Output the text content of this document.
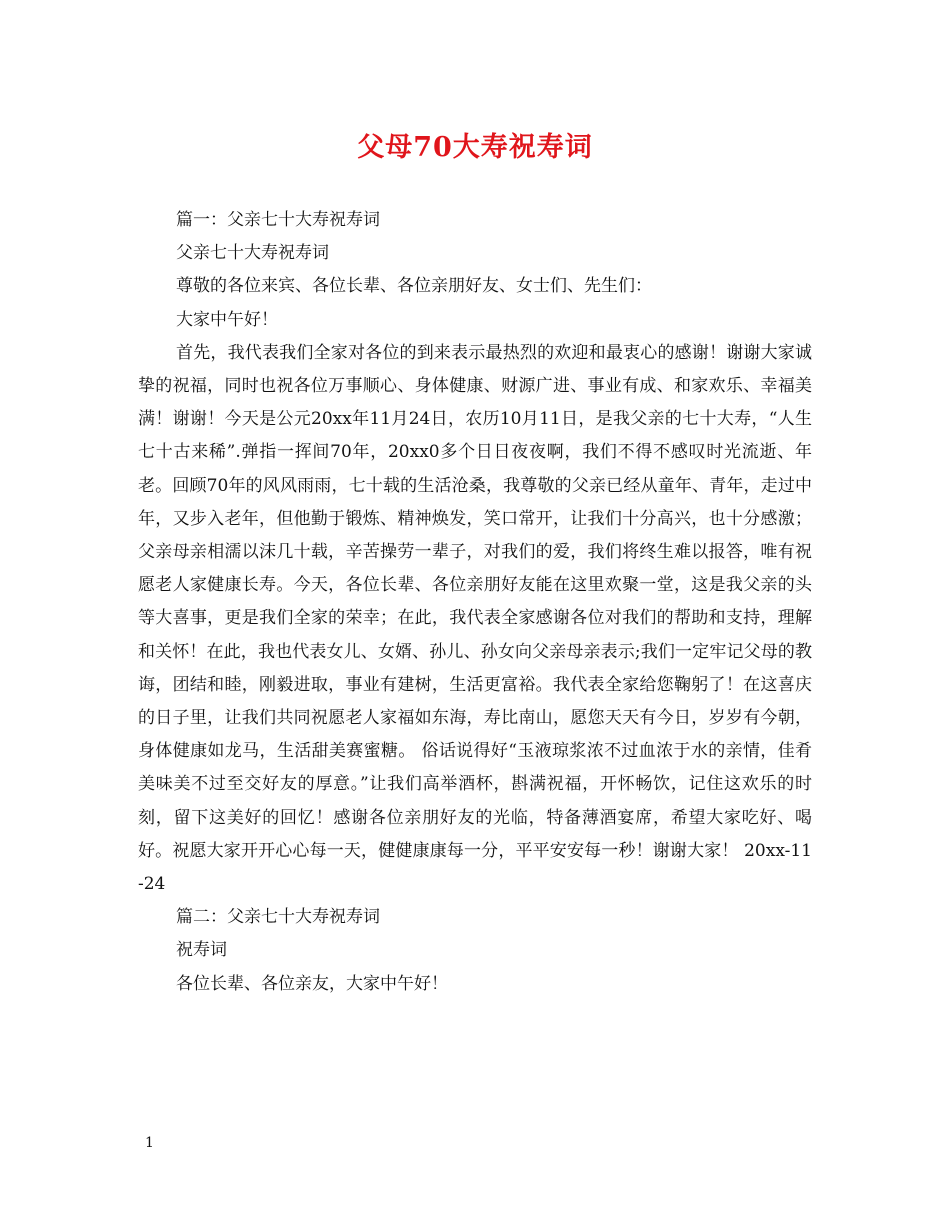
父母70大寿祝寿词

篇一：父亲七十大寿祝寿词

父亲七十大寿祝寿词

尊敬的各位来宾、各位长辈、各位亲朋好友、女士们、先生们：

大家中午好！

首先，我代表我们全家对各位的到来表示最热烈的欢迎和最衷心的感谢！谢谢大家诚挚的祝福，同时也祝各位万事顺心、身体健康、财源广进、事业有成、和家欢乐、幸福美满！谢谢！今天是公元20xx年11月24日，农历10月11日，是我父亲的七十大寿，“人生七十古来稀”.弹指一挥间70年，20xx0多个日日夜夜啊，我们不得不感叹时光流逝、年老。回顾70年的风风雨雨，七十载的生活沧桑，我尊敬的父亲已经从童年、青年，走过中年，又步入老年，但他勤于锻炼、精神焕发，笑口常开，让我们十分高兴，也十分感激；父亲母亲相濡以沫几十载，辛苦操劳一辈子，对我们的爱，我们将终生难以报答，唯有祝愿老人家健康长寿。今天，各位长辈、各位亲朋好友能在这里欢聚一堂，这是我父亲的头等大喜事，更是我们全家的荣幸；在此，我代表全家感谢各位对我们的帮助和支持，理解和关怀！在此，我也代表女儿、女婿、孙儿、孙女向父亲母亲表示;我们一定牢记父母的教诲，团结和睦，刚毅进取，事业有建树，生活更富裕。我代表全家给您鞠躬了！在这喜庆的日子里，让我们共同祝愿老人家福如东海，寿比南山，愿您天天有今日，岁岁有今朝，身体健康如龙马，生活甜美赛蜜糖。 俗话说得好“玉液琼浆浓不过血浓于水的亲情，佳肴美味美不过至交好友的厚意。”让我们高举酒杯，斟满祝福，开怀畅饮，记住这欢乐的时刻，留下这美好的回忆！感谢各位亲朋好友的光临，特备薄酒宴席，希望大家吃好、喝好。祝愿大家开开心心每一天，健健康康每一分，平平安安每一秒！谢谢大家！ 20xx-11-24

篇二：父亲七十大寿祝寿词

祝寿词

各位长辈、各位亲友，大家中午好！

1
